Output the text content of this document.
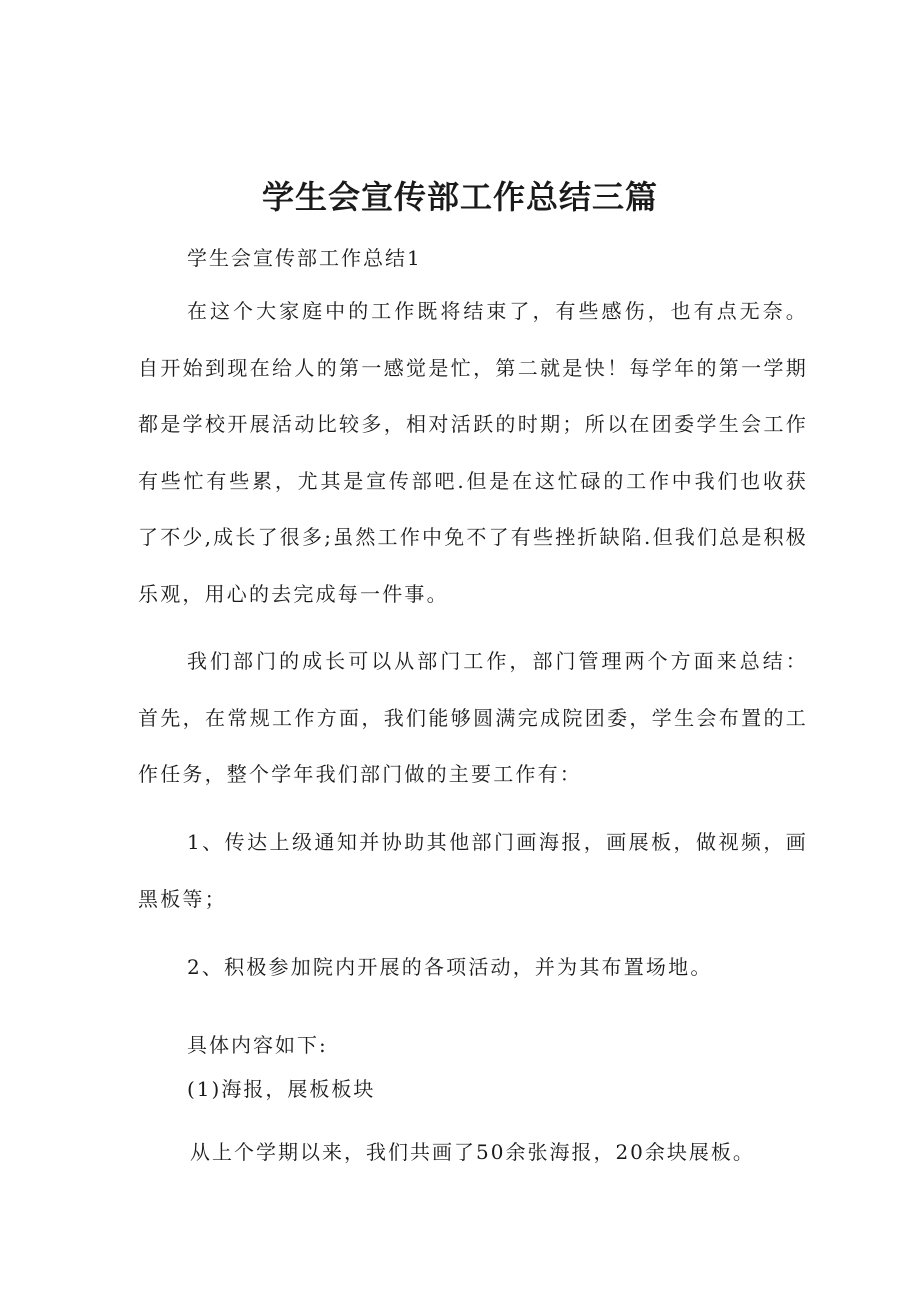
学生会宣传部工作总结三篇

学生会宣传部工作总结1

在这个大家庭中的工作既将结束了，有些感伤，也有点无奈。自开始到现在给人的第一感觉是忙，第二就是快！每学年的第一学期都是学校开展活动比较多，相对活跃的时期；所以在团委学生会工作有些忙有些累，尤其是宣传部吧.但是在这忙碌的工作中我们也收获了不少,成长了很多;虽然工作中免不了有些挫折缺陷.但我们总是积极乐观，用心的去完成每一件事。

我们部门的成长可以从部门工作，部门管理两个方面来总结：首先，在常规工作方面，我们能够圆满完成院团委，学生会布置的工作任务，整个学年我们部门做的主要工作有：

1、传达上级通知并协助其他部门画海报，画展板，做视频，画黑板等；

2、积极参加院内开展的各项活动，并为其布置场地。

具体内容如下:

(1)海报，展板板块

从上个学期以来，我们共画了50余张海报，20余块展板。
